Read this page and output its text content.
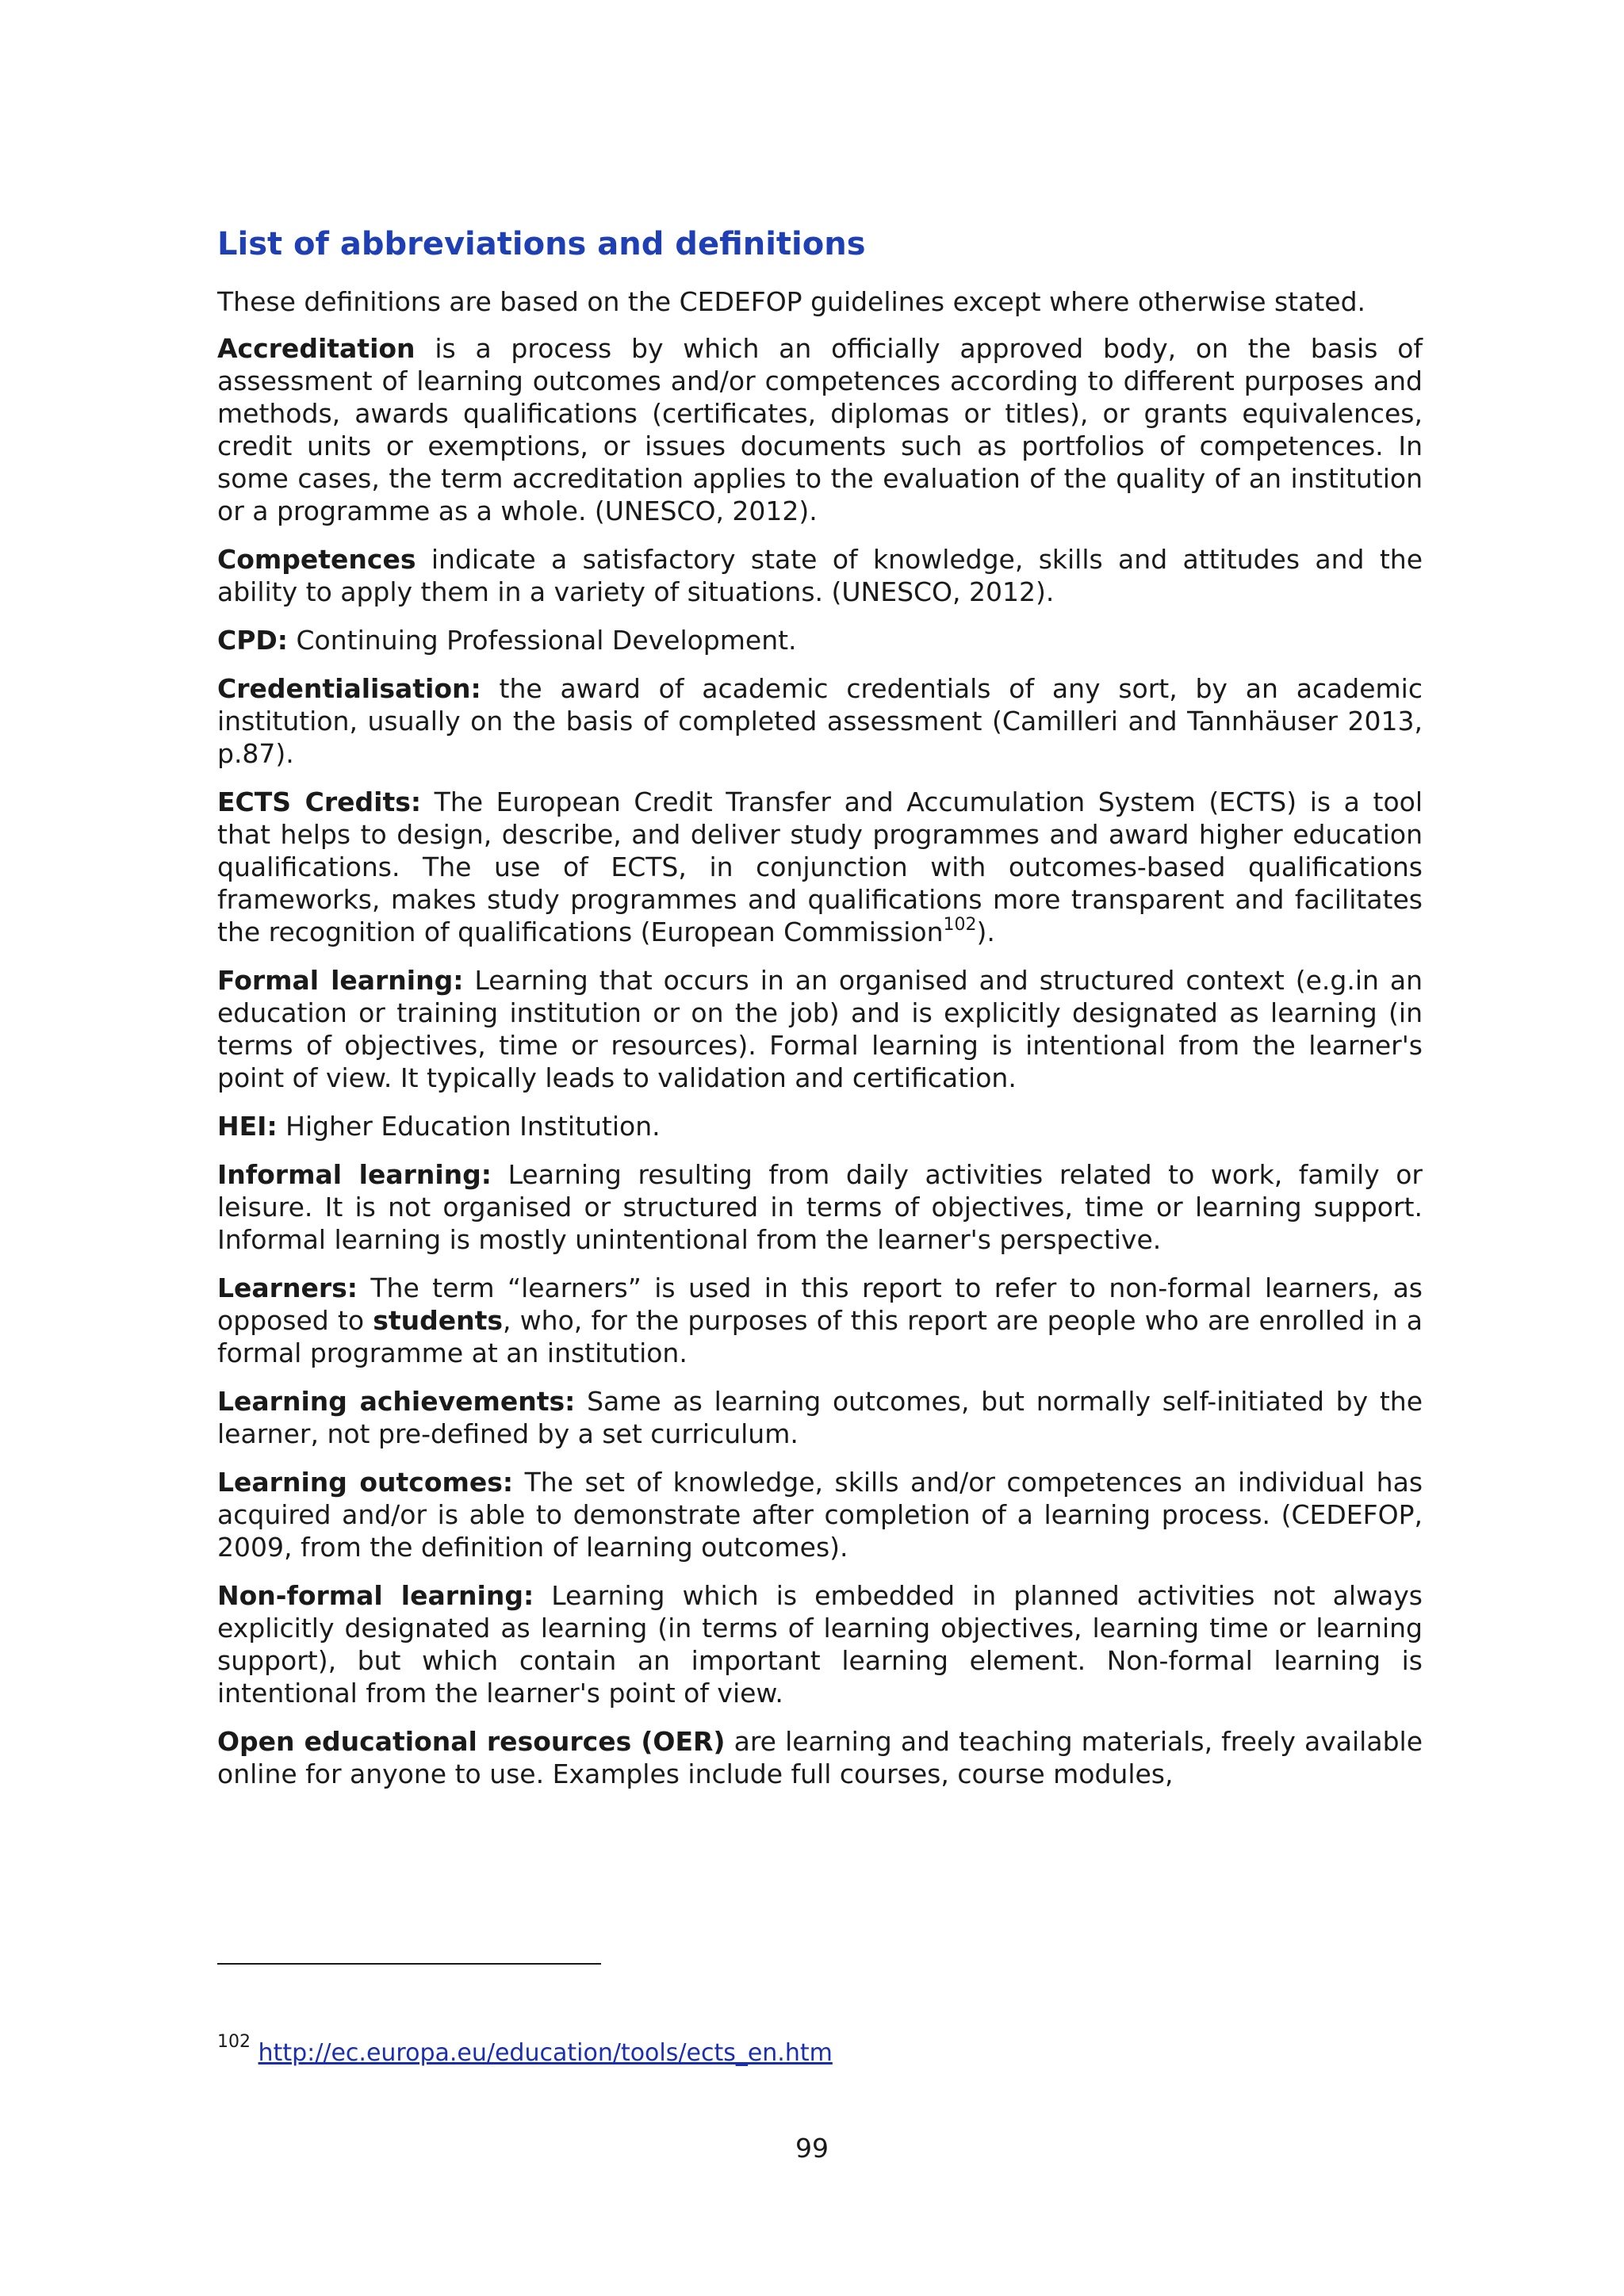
List of abbreviations and definitions

These definitions are based on the CEDEFOP guidelines except where otherwise stated.

Accreditation is a process by which an officially approved body, on the basis of assessment of learning outcomes and/or competences according to different purposes and methods, awards qualifications (certificates, diplomas or titles), or grants equivalences, credit units or exemptions, or issues documents such as portfolios of competences. In some cases, the term accreditation applies to the evaluation of the quality of an institution or a programme as a whole. (UNESCO, 2012).

Competences indicate a satisfactory state of knowledge, skills and attitudes and the ability to apply them in a variety of situations. (UNESCO, 2012).

CPD: Continuing Professional Development.

Credentialisation: the award of academic credentials of any sort, by an academic institution, usually on the basis of completed assessment (Camilleri and Tannhäuser 2013, p.87).

ECTS Credits: The European Credit Transfer and Accumulation System (ECTS) is a tool that helps to design, describe, and deliver study programmes and award higher education qualifications. The use of ECTS, in conjunction with outcomes-based qualifications frameworks, makes study programmes and qualifications more transparent and facilitates the recognition of qualifications (European Commission$^{102}$).

Formal learning: Learning that occurs in an organised and structured context (e.g.in an education or training institution or on the job) and is explicitly designated as learning (in terms of objectives, time or resources). Formal learning is intentional from the learner's point of view. It typically leads to validation and certification.

HEI: Higher Education Institution.

Informal learning: Learning resulting from daily activities related to work, family or leisure. It is not organised or structured in terms of objectives, time or learning support. Informal learning is mostly unintentional from the learner's perspective.

Learners: The term “learners” is used in this report to refer to non-formal learners, as opposed to students, who, for the purposes of this report are people who are enrolled in a formal programme at an institution.

Learning achievements: Same as learning outcomes, but normally self-initiated by the learner, not pre-defined by a set curriculum.

Learning outcomes: The set of knowledge, skills and/or competences an individual has acquired and/or is able to demonstrate after completion of a learning process. (CEDEFOP, 2009, from the definition of learning outcomes).

Non-formal learning: Learning which is embedded in planned activities not always explicitly designated as learning (in terms of learning objectives, learning time or learning support), but which contain an important learning element. Non-formal learning is intentional from the learner's point of view.

Open educational resources (OER) are learning and teaching materials, freely available online for anyone to use. Examples include full courses, course modules,

$^{102}$ http://ec.europa.eu/education/tools/ects_en.htm
99
